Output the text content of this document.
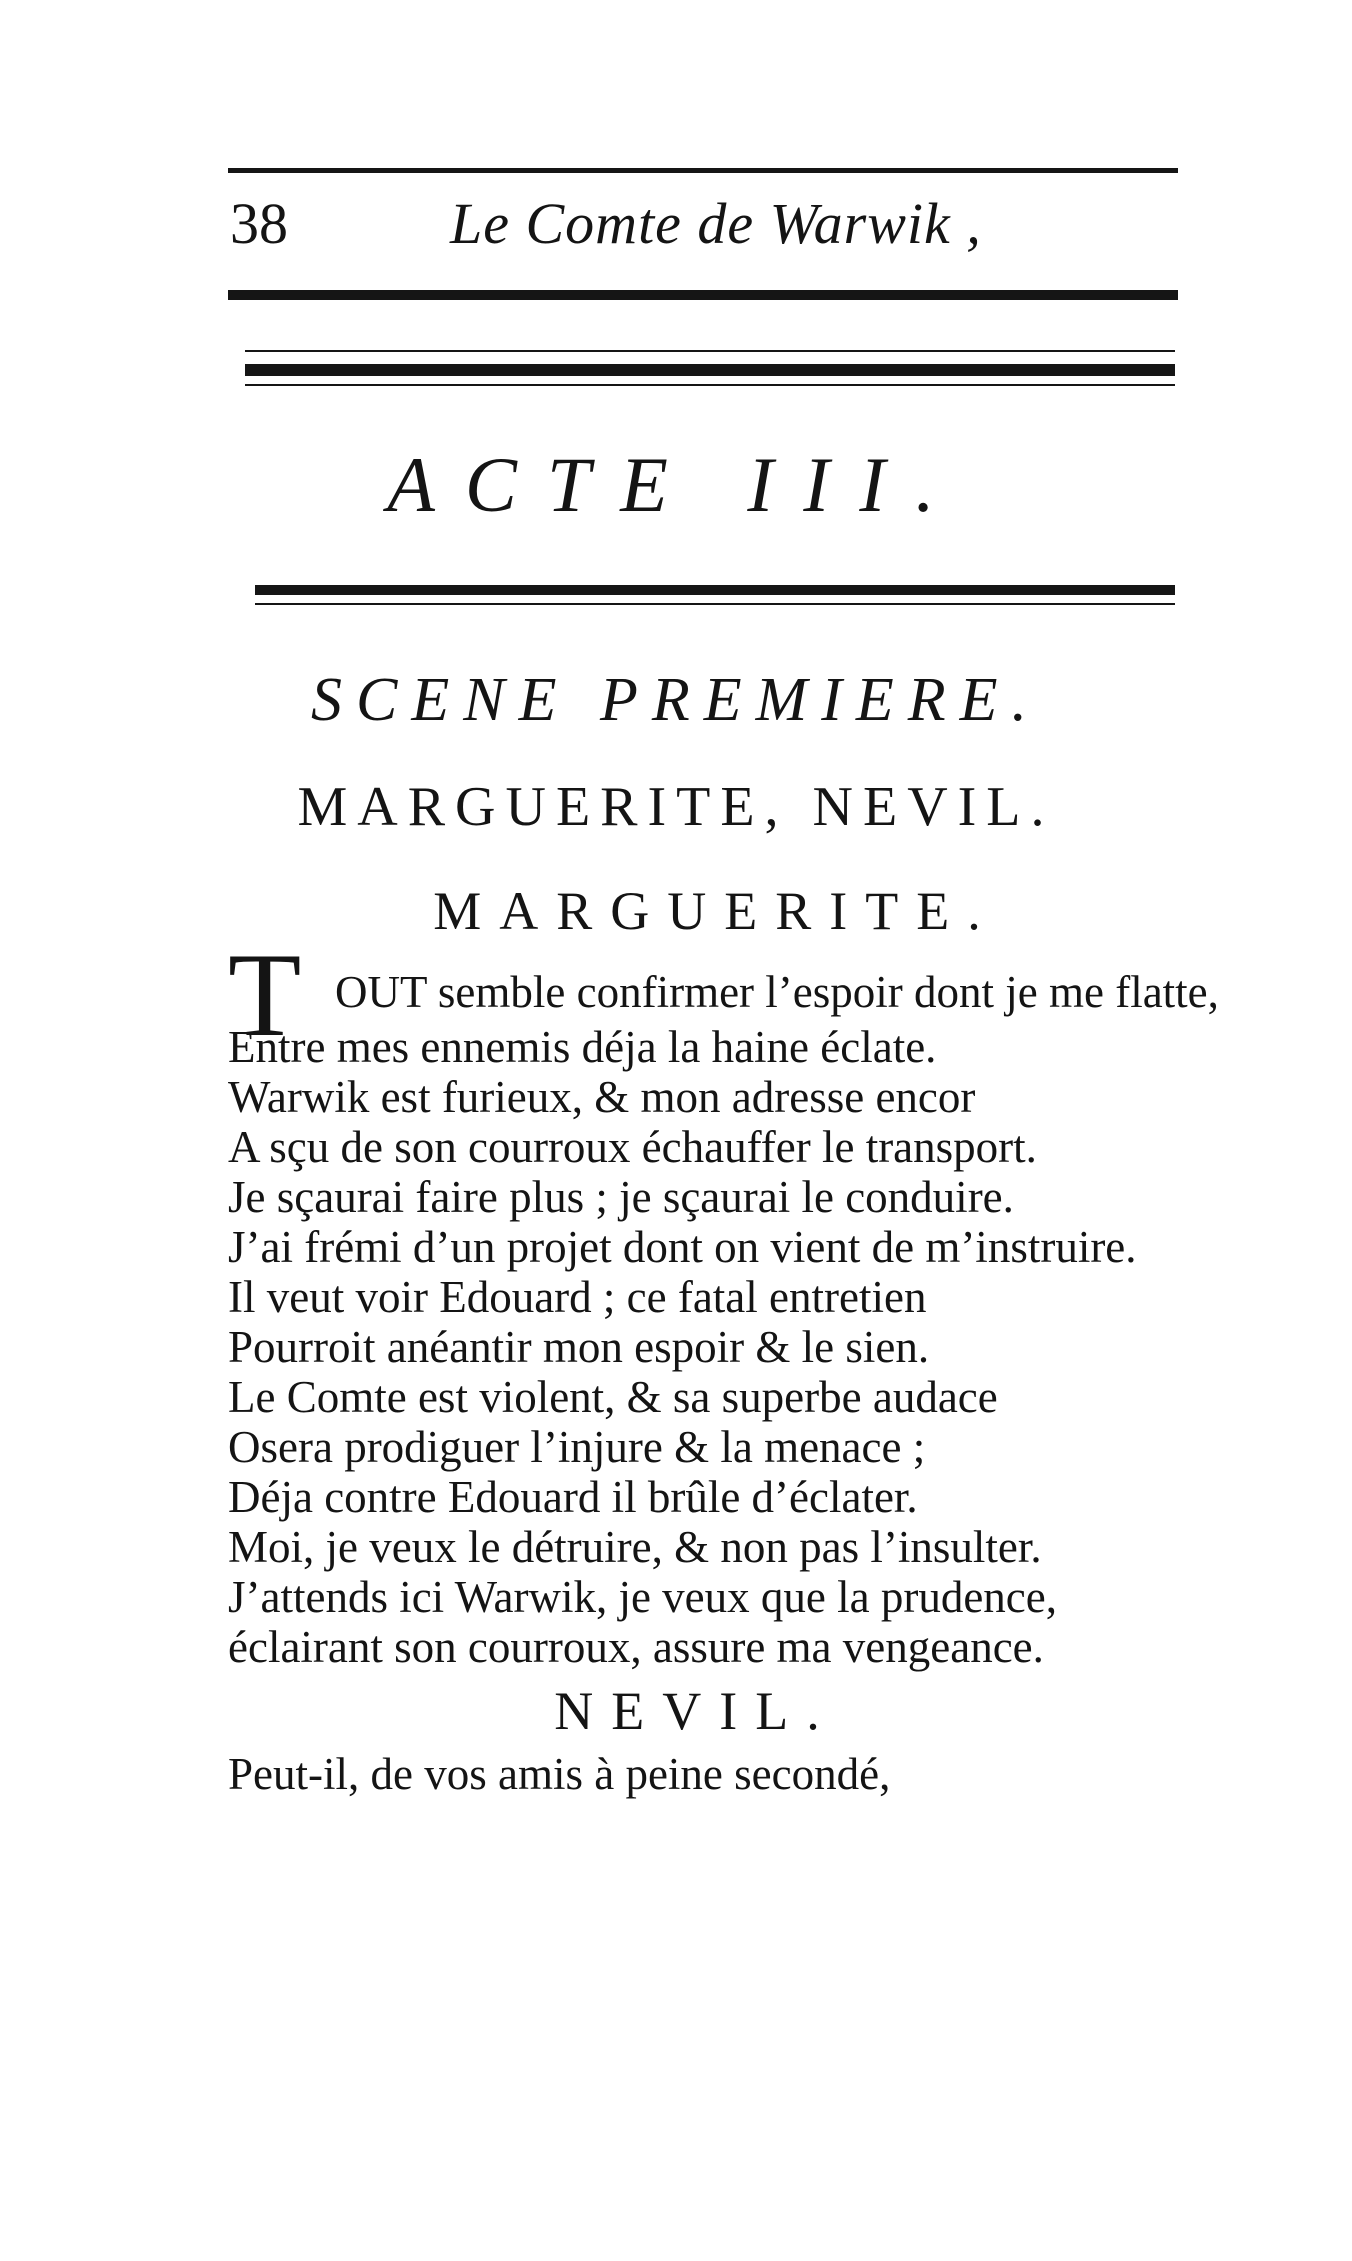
38	Le Comte de Warwik ,
ACTE III.
SCENE PREMIERE.
MARGUERITE, NEVIL.
MARGUERITE.
T OUT semble confirmer l’espoir dont je me flatte,
Entre mes ennemis déja la haine éclate.
Warwik est furieux, & mon adresse encor
A sçu de son courroux échauffer le transport.
Je sçaurai faire plus ; je sçaurai le conduire.
J’ai frémi d’un projet dont on vient de m’instruire.
Il veut voir Edouard ; ce fatal entretien
Pourroit anéantir mon espoir & le sien.
Le Comte est violent, & sa superbe audace
Osera prodiguer l’injure & la menace ;
Déja contre Edouard il brûle d’éclater.
Moi, je veux le détruire, & non pas l’insulter.
J’attends ici Warwik, je veux que la prudence,
éclairant son courroux, assure ma vengeance.
NEVIL.
Peut-il, de vos amis à peine secondé,
